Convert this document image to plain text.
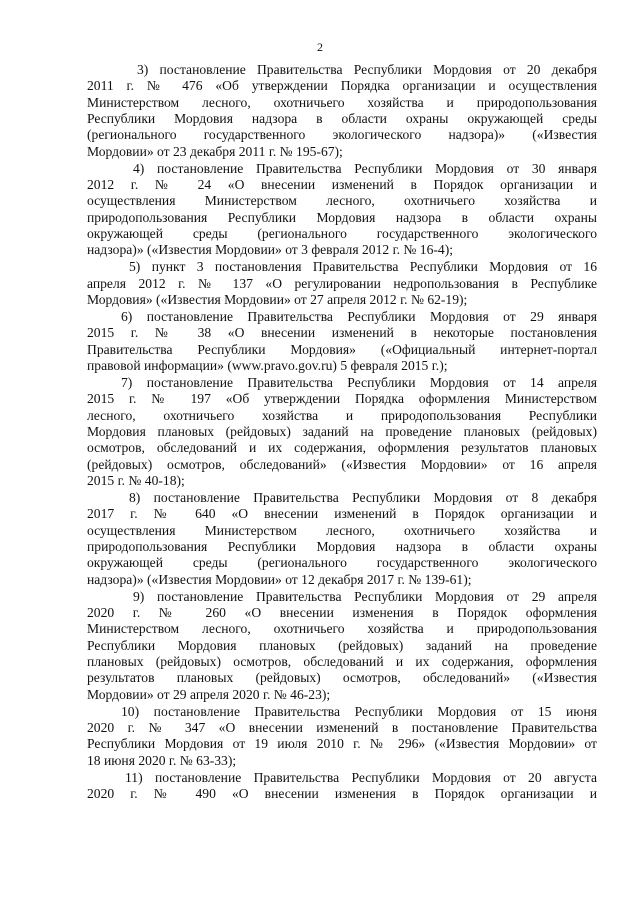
2
3) постановление Правительства Республики Мордовия от 20 декабря
2011 г. № 476 «Об утверждении Порядка организации и осуществления
Министерством лесного, охотничьего хозяйства и природопользования
Республики Мордовия надзора в области охраны окружающей среды
(регионального государственного экологического надзора)» («Известия
Мордовии» от 23 декабря 2011 г. № 195-67);
4) постановление Правительства Республики Мордовия от 30 января
2012 г. № 24 «О внесении изменений в Порядок организации и
осуществления Министерством лесного, охотничьего хозяйства и
природопользования Республики Мордовия надзора в области охраны
окружающей среды (регионального государственного экологического
надзора)» («Известия Мордовии» от 3 февраля 2012 г. № 16-4);
5) пункт 3 постановления Правительства Республики Мордовия от 16
апреля 2012 г. № 137 «О регулировании недропользования в Республике
Мордовия» («Известия Мордовии» от 27 апреля 2012 г. № 62-19);
6) постановление Правительства Республики Мордовия от 29 января
2015 г. № 38 «О внесении изменений в некоторые постановления
Правительства Республики Мордовия» («Официальный интернет-портал
правовой информации» (www.pravo.gov.ru) 5 февраля 2015 г.);
7) постановление Правительства Республики Мордовия от 14 апреля
2015 г. № 197 «Об утверждении Порядка оформления Министерством
лесного, охотничьего хозяйства и природопользования Республики
Мордовия плановых (рейдовых) заданий на проведение плановых (рейдовых)
осмотров, обследований и их содержания, оформления результатов плановых
(рейдовых) осмотров, обследований» («Известия Мордовии» от 16 апреля
2015 г. № 40-18);
8) постановление Правительства Республики Мордовия от 8 декабря
2017 г. № 640 «О внесении изменений в Порядок организации и
осуществления Министерством лесного, охотничьего хозяйства и
природопользования Республики Мордовия надзора в области охраны
окружающей среды (регионального государственного экологического
надзора)» («Известия Мордовии» от 12 декабря 2017 г. № 139-61);
9) постановление Правительства Республики Мордовия от 29 апреля
2020 г. № 260 «О внесении изменения в Порядок оформления
Министерством лесного, охотничьего хозяйства и природопользования
Республики Мордовия плановых (рейдовых) заданий на проведение
плановых (рейдовых) осмотров, обследований и их содержания, оформления
результатов плановых (рейдовых) осмотров, обследований» («Известия
Мордовии» от 29 апреля 2020 г. № 46-23);
10) постановление Правительства Республики Мордовия от 15 июня
2020 г. № 347 «О внесении изменений в постановление Правительства
Республики Мордовия от 19 июля 2010 г. № 296» («Известия Мордовии» от
18 июня 2020 г. № 63-33);
11) постановление Правительства Республики Мордовия от 20 августа
2020 г. № 490 «О внесении изменения в Порядок организации и
